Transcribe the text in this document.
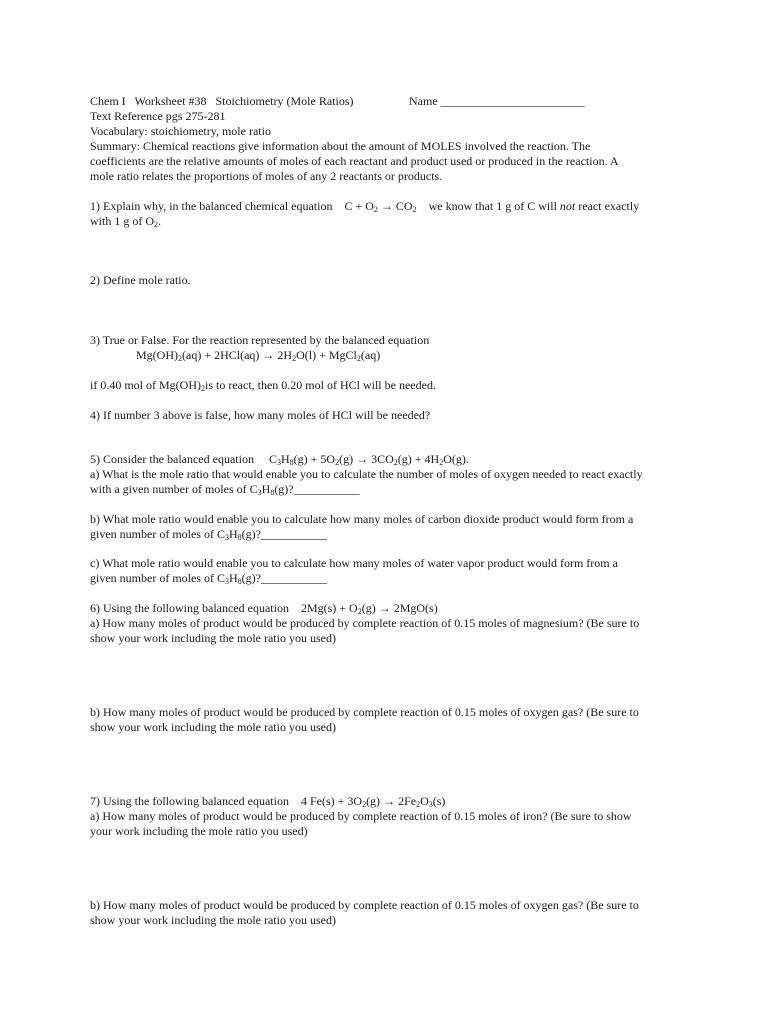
Chem I Worksheet #38 Stoichiometry (Mole Ratios)	Name ________________________
Text Reference pgs 275-281
Vocabulary: stoichiometry, mole ratio
Summary: Chemical reactions give information about the amount of MOLES involved the reaction. The
coefficients are the relative amounts of moles of each reactant and product used or produced in the reaction. A
mole ratio relates the proportions of moles of any 2 reactants or products.
1) Explain why, in the balanced chemical equation $C + O_2 \to CO_2$ we know that 1 g of C will not react exactly
with 1 g of $O_2$.
2) Define mole ratio.
3) True or False. For the reaction represented by the balanced equation
$Mg(OH)_2(aq) + 2HCl(aq) \to 2H_2O(l)$ + MgCl$_2$(aq)
if 0.40 mol of $Mg(OH)_2is$ to react, then 0.20 mol of HCl will be needed.
4) If number 3 above is false, how many moles of HCl will be needed?
5) Consider the balanced equation $C_3H_8(g) + 5O_2(g) \to 3CO_2(g) + 4H_2O(g)$.
a) What is the mole ratio that would enable you to calculate the number of moles of oxygen needed to react exactly
with a given number of moles of $C_3H_8(g)?\_\_\_\_\_\_\_\_\_\_\_$
b) What mole ratio would enable you to calculate how many moles of carbon dioxide product would form from a
given number of moles of $C_3H_8(g)?\_\_\_\_\_\_\_\_\_\_\_$
c) What mole ratio would enable you to calculate how many moles of water vapor product would form from a
given number of moles of $C_3H_8(g)?\_\_\_\_\_\_\_\_\_\_\_$
6) Using the following balanced equation $2Mg(s) + O_2(g) \to 2MgO(s)$
a) How many moles of product would be produced by complete reaction of 0.15 moles of magnesium? (Be sure to
show your work including the mole ratio you used)
b) How many moles of product would be produced by complete reaction of 0.15 moles of oxygen gas? (Be sure to
show your work including the mole ratio you used)
7) Using the following balanced equation 4 $Fe(s) + 3O_2(g) \to 2Fe_2O_3(s)$
a) How many moles of product would be produced by complete reaction of 0.15 moles of iron? (Be sure to show
your work including the mole ratio you used)
b) How many moles of product would be produced by complete reaction of 0.15 moles of oxygen gas? (Be sure to
show your work including the mole ratio you used)
